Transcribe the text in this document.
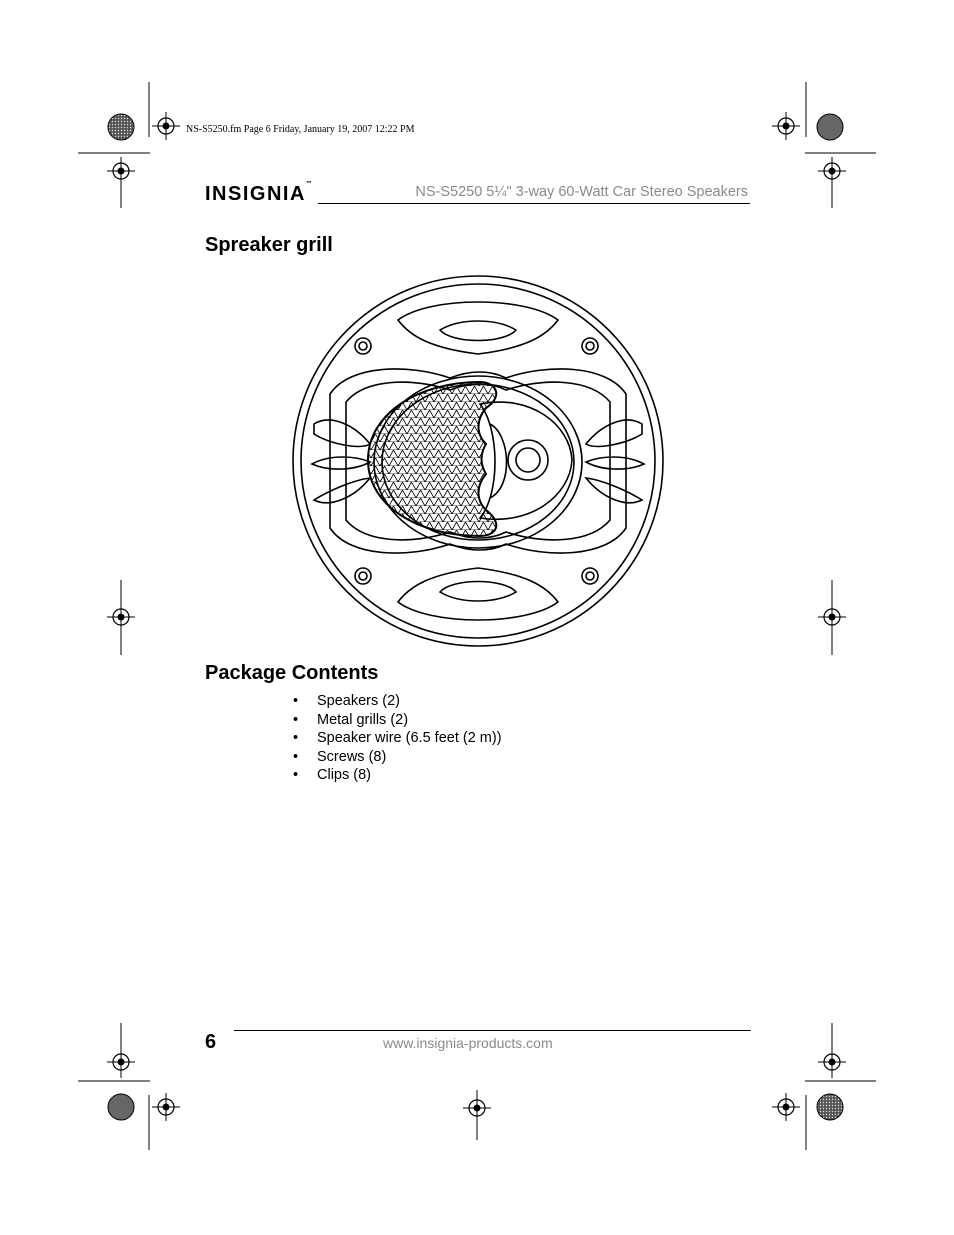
NS-S5250.fm Page 6 Friday, January 19, 2007 12:22 PM
INSIGNIA™	NS-S5250 5¼" 3-way 60-Watt Car Stereo Speakers
Spreaker grill
Package Contents
• Speakers (2)
• Metal grills (2)
• Speaker wire (6.5 feet (2 m))
• Screws (8)
• Clips (8)
6	www.insignia-products.com
